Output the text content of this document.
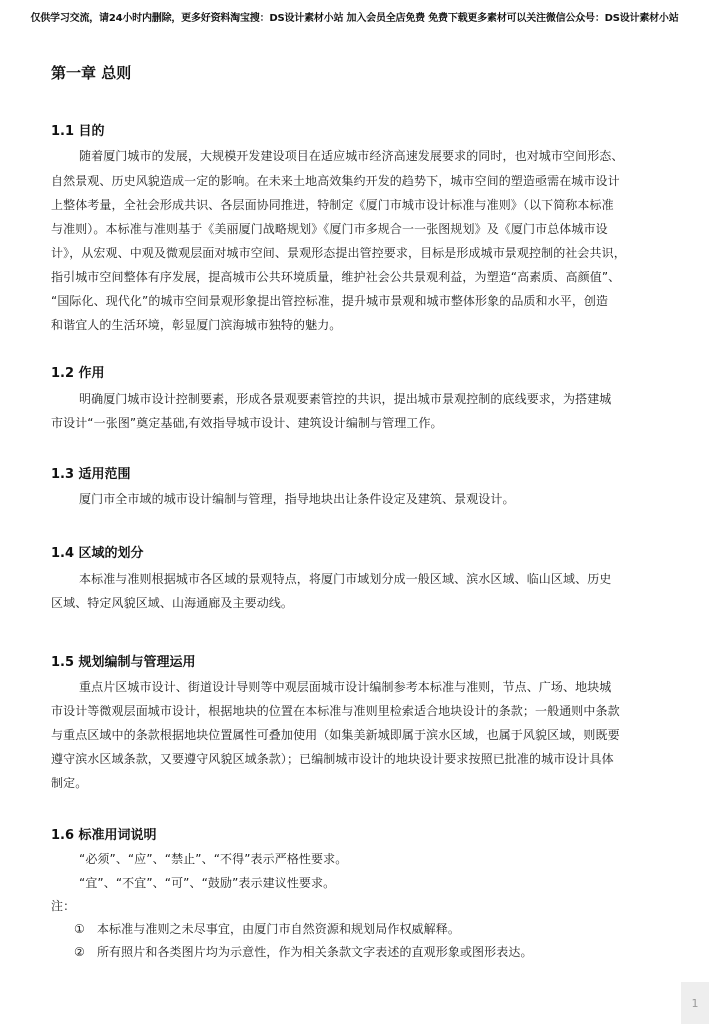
仅供学习交流，请24小时内删除，更多好资料淘宝搜：DS设计素材小站 加入会员全店免费 免费下载更多素材可以关注微信公众号：DS设计素材小站
第一章 总则
1.1 目的
随着厦门城市的发展，大规模开发建设项目在适应城市经济高速发展要求的同时，也对城市空间形态、
自然景观、历史风貌造成一定的影响。在未来土地高效集约开发的趋势下，城市空间的塑造亟需在城市设计
上整体考量，全社会形成共识、各层面协同推进，特制定《厦门市城市设计标准与准则》（以下简称本标准
与准则）。本标准与准则基于《美丽厦门战略规划》《厦门市多规合一一张图规划》及《厦门市总体城市设
计》，从宏观、中观及微观层面对城市空间、景观形态提出管控要求，目标是形成城市景观控制的社会共识，
指引城市空间整体有序发展，提高城市公共环境质量，维护社会公共景观利益，为塑造“高素质、高颜值”、
“国际化、现代化”的城市空间景观形象提出管控标准，提升城市景观和城市整体形象的品质和水平，创造
和谐宜人的生活环境，彰显厦门滨海城市独特的魅力。
1.2 作用
明确厦门城市设计控制要素，形成各景观要素管控的共识，提出城市景观控制的底线要求，为搭建城
市设计“一张图”奠定基础,有效指导城市设计、建筑设计编制与管理工作。
1.3 适用范围
厦门市全市域的城市设计编制与管理，指导地块出让条件设定及建筑、景观设计。
1.4 区域的划分
本标准与准则根据城市各区域的景观特点，将厦门市域划分成一般区域、滨水区域、临山区域、历史
区域、特定风貌区域、山海通廊及主要动线。
1.5 规划编制与管理运用
重点片区城市设计、街道设计导则等中观层面城市设计编制参考本标准与准则，节点、广场、地块城
市设计等微观层面城市设计，根据地块的位置在本标准与准则里检索适合地块设计的条款；一般通则中条款
与重点区域中的条款根据地块位置属性可叠加使用（如集美新城即属于滨水区域，也属于风貌区域，则既要
遵守滨水区域条款，又要遵守风貌区域条款）；已编制城市设计的地块设计要求按照已批准的城市设计具体
制定。
1.6 标准用词说明
“必须”、“应”、“禁止”、“不得”表示严格性要求。
“宜”、“不宜”、“可”、“鼓励”表示建议性要求。
注：
①　本标准与准则之未尽事宜，由厦门市自然资源和规划局作权威解释。
②　所有照片和各类图片均为示意性，作为相关条款文字表述的直观形象或图形表达。
1
